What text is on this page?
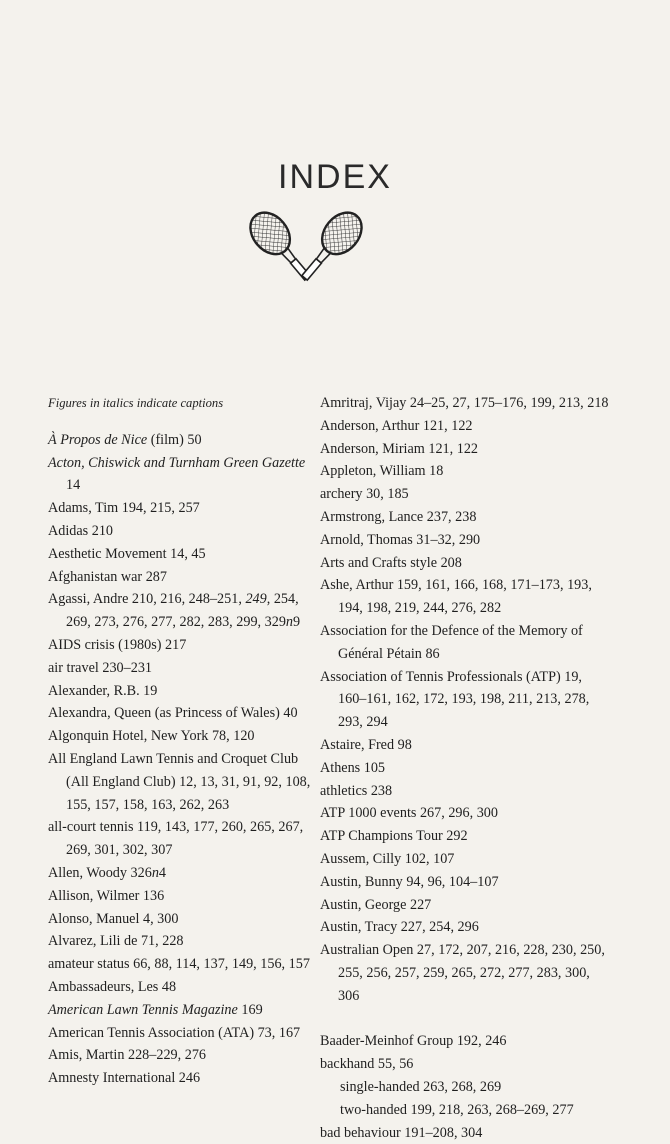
INDEX
Figures in italics indicate captions
À Propos de Nice (film) 50
Acton, Chiswick and Turnham Green Gazette 14
Adams, Tim 194, 215, 257
Adidas 210
Aesthetic Movement 14, 45
Afghanistan war 287
Agassi, Andre 210, 216, 248–251, 249, 254, 269, 273, 276, 277, 282, 283, 299, 329n9
AIDS crisis (1980s) 217
air travel 230–231
Alexander, R.B. 19
Alexandra, Queen (as Princess of Wales) 40
Algonquin Hotel, New York 78, 120
All England Lawn Tennis and Croquet Club (All England Club) 12, 13, 31, 91, 92, 108, 155, 157, 158, 163, 262, 263
all-court tennis 119, 143, 177, 260, 265, 267, 269, 301, 302, 307
Allen, Woody 326n4
Allison, Wilmer 136
Alonso, Manuel 4, 300
Alvarez, Lili de 71, 228
amateur status 66, 88, 114, 137, 149, 156, 157
Ambassadeurs, Les 48
American Lawn Tennis Magazine 169
American Tennis Association (ATA) 73, 167
Amis, Martin 228–229, 276
Amnesty International 246
Amritraj, Vijay 24–25, 27, 175–176, 199, 213, 218
Anderson, Arthur 121, 122
Anderson, Miriam 121, 122
Appleton, William 18
archery 30, 185
Armstrong, Lance 237, 238
Arnold, Thomas 31–32, 290
Arts and Crafts style 208
Ashe, Arthur 159, 161, 166, 168, 171–173, 193, 194, 198, 219, 244, 276, 282
Association for the Defence of the Memory of Général Pétain 86
Association of Tennis Professionals (ATP) 19, 160–161, 162, 172, 193, 198, 211, 213, 278, 293, 294
Astaire, Fred 98
Athens 105
athletics 238
ATP 1000 events 267, 296, 300
ATP Champions Tour 292
Aussem, Cilly 102, 107
Austin, Bunny 94, 96, 104–107
Austin, George 227
Austin, Tracy 227, 254, 296
Australian Open 27, 172, 207, 216, 228, 230, 250, 255, 256, 257, 259, 265, 272, 277, 283, 300, 306
Baader-Meinhof Group 192, 246
backhand 55, 56
single-handed 263, 268, 269
two-handed 199, 218, 263, 268–269, 277
bad behaviour 191–208, 304
